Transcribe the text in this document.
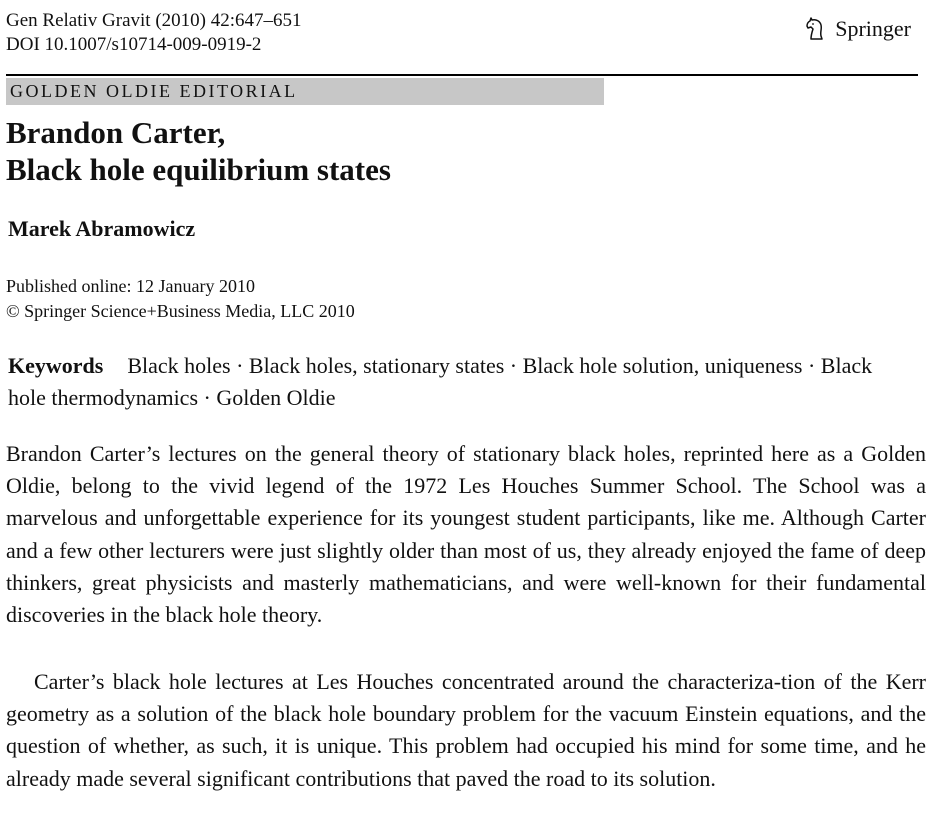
Gen Relativ Gravit (2010) 42:647–651
DOI 10.1007/s10714-009-0919-2
Springer
GOLDEN OLDIE EDITORIAL
Brandon Carter,
Black hole equilibrium states
Marek Abramowicz
Published online: 12 January 2010
© Springer Science+Business Media, LLC 2010
Keywords Black holes · Black holes, stationary states · Black hole solution, uniqueness · Black hole thermodynamics · Golden Oldie

Brandon Carter’s lectures on the general theory of stationary black holes, reprinted here as a Golden Oldie, belong to the vivid legend of the 1972 Les Houches Summer School. The School was a marvelous and unforgettable experience for its youngest student participants, like me. Although Carter and a few other lecturers were just slightly older than most of us, they already enjoyed the fame of deep thinkers, great physicists and masterly mathematicians, and were well-known for their fundamental discoveries in the black hole theory.

Carter’s black hole lectures at Les Houches concentrated around the characteriza-tion of the Kerr geometry as a solution of the black hole boundary problem for the vacuum Einstein equations, and the question of whether, as such, it is unique. This problem had occupied his mind for some time, and he already made several significant contributions that paved the road to its solution.
